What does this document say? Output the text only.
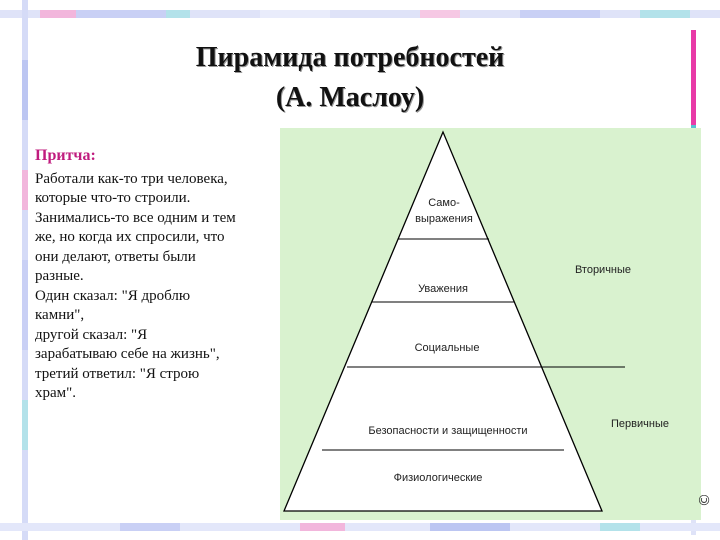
Пирамида потребностей
(А. Маслоу)
Притча:
Работали как-то три человека,
которые что-то строили.
Занимались-то все одним и тем
же, но когда их спросили, что
они делают, ответы были
разные.
Один сказал: "Я дроблю
камни",
другой сказал: "Я
зарабатываю себе на жизнь",
третий ответил: "Я строю
храм".
Само-
выражения
Уважения
Социальные
Безопасности и защищенности
Физиологические
Вторичные
Первичные
©
